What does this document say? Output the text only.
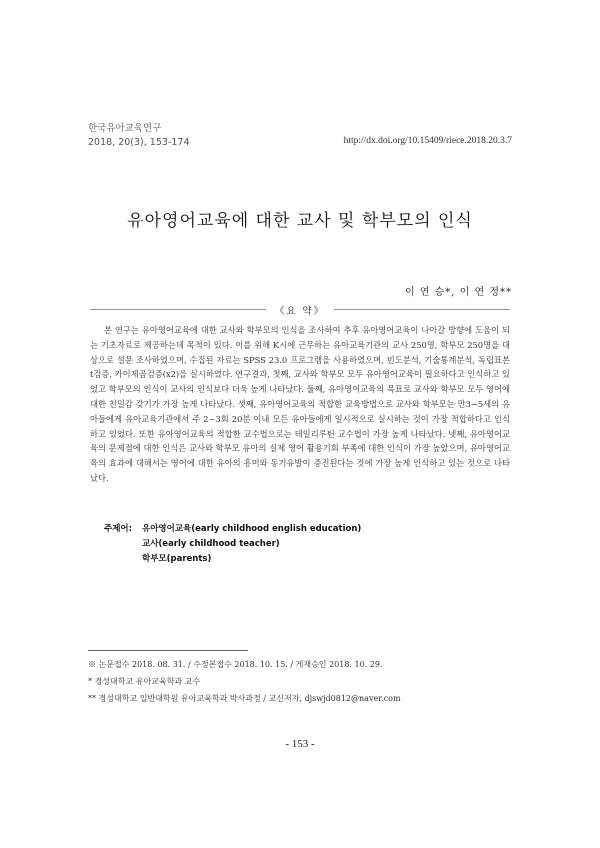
한국유아교육연구
2018, 20(3), 153-174	http://dx.doi.org/10.15409/riece.2018.20.3.7
유아영어교육에 대한 교사 및 학부모의 인식
이 연 승*, 이 연 정**
《요 약》

본 연구는 유아영어교육에 대한 교사와 학부모의 인식을 조사하여 추후 유아영어교육이 나아갈 방향에 도움이 되는 기초자료로 제공하는데 목적이 있다. 이를 위해 K시에 근무하는 유아교육기관의 교사 250명, 학부모 250명을 대상으로 설문 조사하였으며, 수집된 자료는 SPSS 23.0 프로그램을 사용하였으며, 빈도분석, 기술통계분석, 독립표본 t검증, 카이제곱검증(x2)을 실시하였다. 연구결과, 첫째, 교사와 학부모 모두 유아영어교육이 필요하다고 인식하고 있었고 학부모의 인식이 교사의 인식보다 더욱 높게 나타났다. 둘째, 유아영어교육의 목표로 교사와 학부모 모두 영어에 대한 친밀감 갖기가 가장 높게 나타났다. 셋째, 유아영어교육의 적합한 교육방법으로 교사와 학부모는 만3~5세의 유아들에게 유아교육기관에서 주 2~3회 20분 이내 모든 유아들에게 일시적으로 실시하는 것이 가장 적합하다고 인식하고 있었다. 또한 유아영어교육의 적합한 교수법으로는 테일리루틴 교수법이 가장 높게 나타났다. 넷째, 유아영어교육의 문제점에 대한 인식은 교사와 학부모 유아의 실제 영어 활용기회 부족에 대한 인식이 가장 높았으며, 유아영어교육의 효과에 대해서는 영어에 대한 유아의 흥미와 동기유발이 증진된다는 것에 가장 높게 인식하고 있는 것으로 나타났다.

주제어: 유아영어교육(early childhood english education)
교사(early childhood teacher)
학부모(parents)
※ 논문접수 2018. 08. 31. / 수정본접수 2018. 10. 15. / 게재승인 2018. 10. 29.
* 경성대학교 유아교육학과 교수
** 경성대학교 일반대학원 유아교육학과 박사과정 / 교신저자, djswjd0812@naver.com
- 153 -
